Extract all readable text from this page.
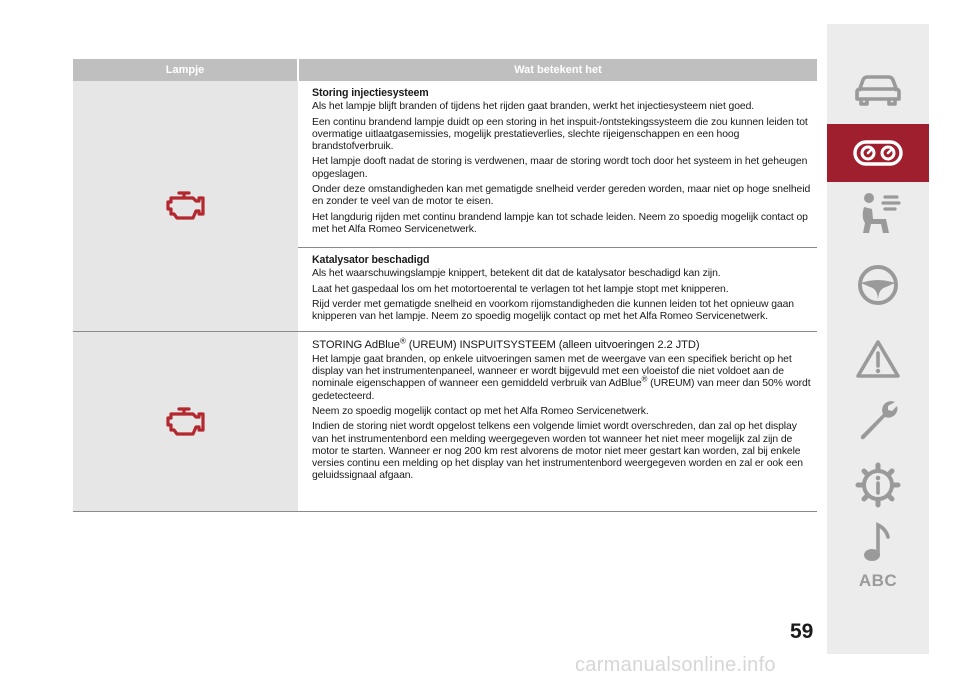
Lampje	Wat betekent het
Storing injectiesysteem

Als het lampje blijft branden of tijdens het rijden gaat branden, werkt het injectiesysteem niet goed.

Een continu brandend lampje duidt op een storing in het inspuit-/ontstekingssysteem die zou kunnen leiden tot overmatige uitlaatgasemissies, mogelijk prestatieverlies, slechte rijeigenschappen en een hoog brandstofverbruik.

Het lampje dooft nadat de storing is verdwenen, maar de storing wordt toch door het systeem in het geheugen opgeslagen.

Onder deze omstandigheden kan met gematigde snelheid verder gereden worden, maar niet op hoge snelheid en zonder te veel van de motor te eisen.

Het langdurig rijden met continu brandend lampje kan tot schade leiden. Neem zo spoedig mogelijk contact op met het Alfa Romeo Servicenetwerk.

Katalysator beschadigd

Als het waarschuwingslampje knippert, betekent dit dat de katalysator beschadigd kan zijn.

Laat het gaspedaal los om het motortoerental te verlagen tot het lampje stopt met knipperen.

Rijd verder met gematigde snelheid en voorkom rijomstandigheden die kunnen leiden tot het opnieuw gaan knipperen van het lampje. Neem zo spoedig mogelijk contact op met het Alfa Romeo Servicenetwerk.

STORING AdBlue® (UREUM) INSPUITSYSTEEM (alleen uitvoeringen 2.2 JTD)

Het lampje gaat branden, op enkele uitvoeringen samen met de weergave van een specifiek bericht op het display van het instrumentenpaneel, wanneer er wordt bijgevuld met een vloeistof die niet voldoet aan de nominale eigenschappen of wanneer een gemiddeld verbruik van AdBlue® (UREUM) van meer dan 50% wordt gedetecteerd.

Neem zo spoedig mogelijk contact op met het Alfa Romeo Servicenetwerk.

Indien de storing niet wordt opgelost telkens een volgende limiet wordt overschreden, dan zal op het display van het instrumentenbord een melding weergegeven worden tot wanneer het niet meer mogelijk zal zijn de motor te starten. Wanneer er nog 200 km rest alvorens de motor niet meer gestart kan worden, zal bij enkele versies continu een melding op het display van het instrumentenbord weergegeven worden en zal er ook een geluidssignaal afgaan.

ABC
59
carmanualsonline.info
